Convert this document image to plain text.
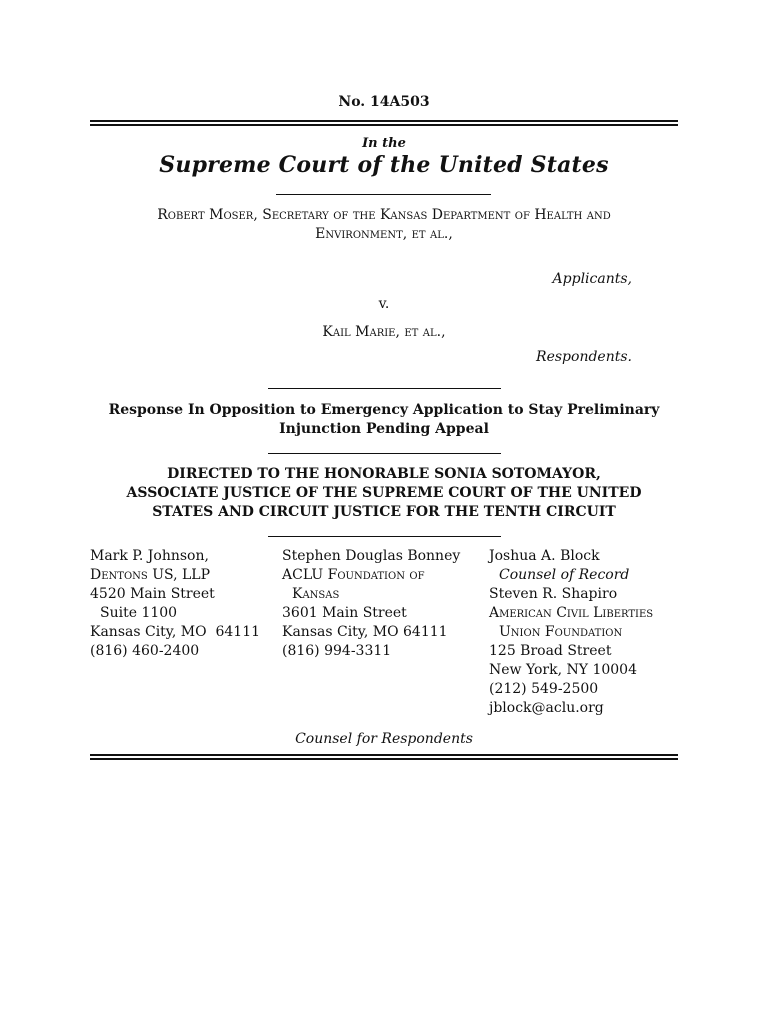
No. 14A503
In the
Supreme Court of the United States
Robert Moser, Secretary of the Kansas Department of Health and
Environment, et al.,
Applicants,
v.
Kail Marie, et al.,
Respondents.
Response In Opposition to Emergency Application to Stay Preliminary
Injunction Pending Appeal
DIRECTED TO THE HONORABLE SONIA SOTOMAYOR,
ASSOCIATE JUSTICE OF THE SUPREME COURT OF THE UNITED
STATES AND CIRCUIT JUSTICE FOR THE TENTH CIRCUIT
Mark P. Johnson,
Dentons US, LLP
4520 Main Street
Suite 1100
Kansas City, MO  64111
(816) 460-2400
Stephen Douglas Bonney
ACLU Foundation of
Kansas
3601 Main Street
Kansas City, MO 64111
(816) 994-3311
Joshua A. Block
Counsel of Record
Steven R. Shapiro
American Civil Liberties
Union Foundation
125 Broad Street
New York, NY 10004
(212) 549-2500
jblock@aclu.org
Counsel for Respondents
